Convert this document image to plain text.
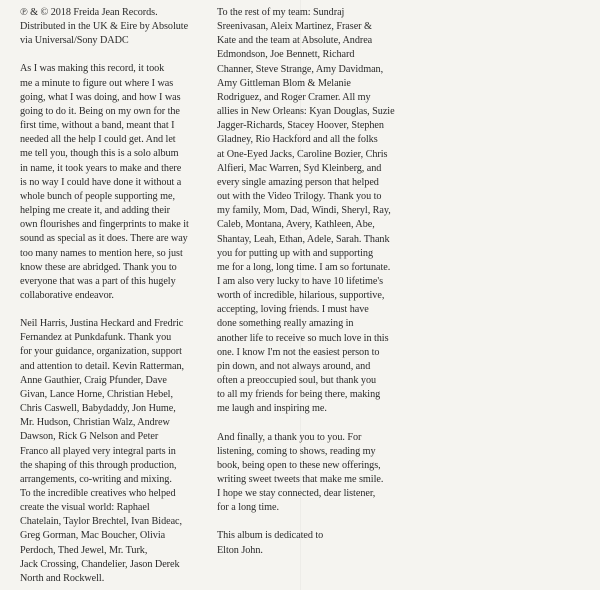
℗ & © 2018 Freida Jean Records.
Distributed in the UK & Eire by Absolute
via Universal/Sony DADC

As I was making this record, it took
me a minute to figure out where I was
going, what I was doing, and how I was
going to do it. Being on my own for the
first time, without a band, meant that I
needed all the help I could get. And let
me tell you, though this is a solo album
in name, it took years to make and there
is no way I could have done it without a
whole bunch of people supporting me,
helping me create it, and adding their
own flourishes and fingerprints to make it
sound as special as it does. There are way
too many names to mention here, so just
know these are abridged. Thank you to
everyone that was a part of this hugely
collaborative endeavor.

Neil Harris, Justina Heckard and Fredric
Fernandez at Punkdafunk. Thank you
for your guidance, organization, support
and attention to detail. Kevin Ratterman,
Anne Gauthier, Craig Pfunder, Dave
Givan, Lance Horne, Christian Hebel,
Chris Caswell, Babydaddy, Jon Hume,
Mr. Hudson, Christian Walz, Andrew
Dawson, Rick G Nelson and Peter
Franco all played very integral parts in
the shaping of this through production,
arrangements, co-writing and mixing.
To the incredible creatives who helped
create the visual world: Raphael
Chatelain, Taylor Brechtel, Ivan Bideac,
Greg Gorman, Mac Boucher, Olivia
Perdoch, Thed Jewel, Mr. Turk,
Jack Crossing, Chandelier, Jason Derek
North and Rockwell.

To the rest of my team: Sundraj
Sreenivasan, Aleix Martinez, Fraser &
Kate and the team at Absolute, Andrea
Edmondson, Joe Bennett, Richard
Channer, Steve Strange, Amy Davidman,
Amy Gittleman Blom & Melanie
Rodriguez, and Roger Cramer. All my
allies in New Orleans: Kyan Douglas, Suzie
Jagger-Richards, Stacey Hoover, Stephen
Gladney, Rio Hackford and all the folks
at One-Eyed Jacks, Caroline Bozier, Chris
Alfieri, Mac Warren, Syd Kleinberg, and
every single amazing person that helped
out with the Video Trilogy. Thank you to
my family, Mom, Dad, Windi, Sheryl, Ray,
Caleb, Montana, Avery, Kathleen, Abe,
Shantay, Leah, Ethan, Adele, Sarah. Thank
you for putting up with and supporting
me for a long, long time. I am so fortunate.
I am also very lucky to have 10 lifetime's
worth of incredible, hilarious, supportive,
accepting, loving friends. I must have
done something really amazing in
another life to receive so much love in this
one. I know I'm not the easiest person to
pin down, and not always around, and
often a preoccupied soul, but thank you
to all my friends for being there, making
me laugh and inspiring me.

And finally, a thank you to you. For
listening, coming to shows, reading my
book, being open to these new offerings,
writing sweet tweets that make me smile.
I hope we stay connected, dear listener,
for a long time.

This album is dedicated to
Elton John.
